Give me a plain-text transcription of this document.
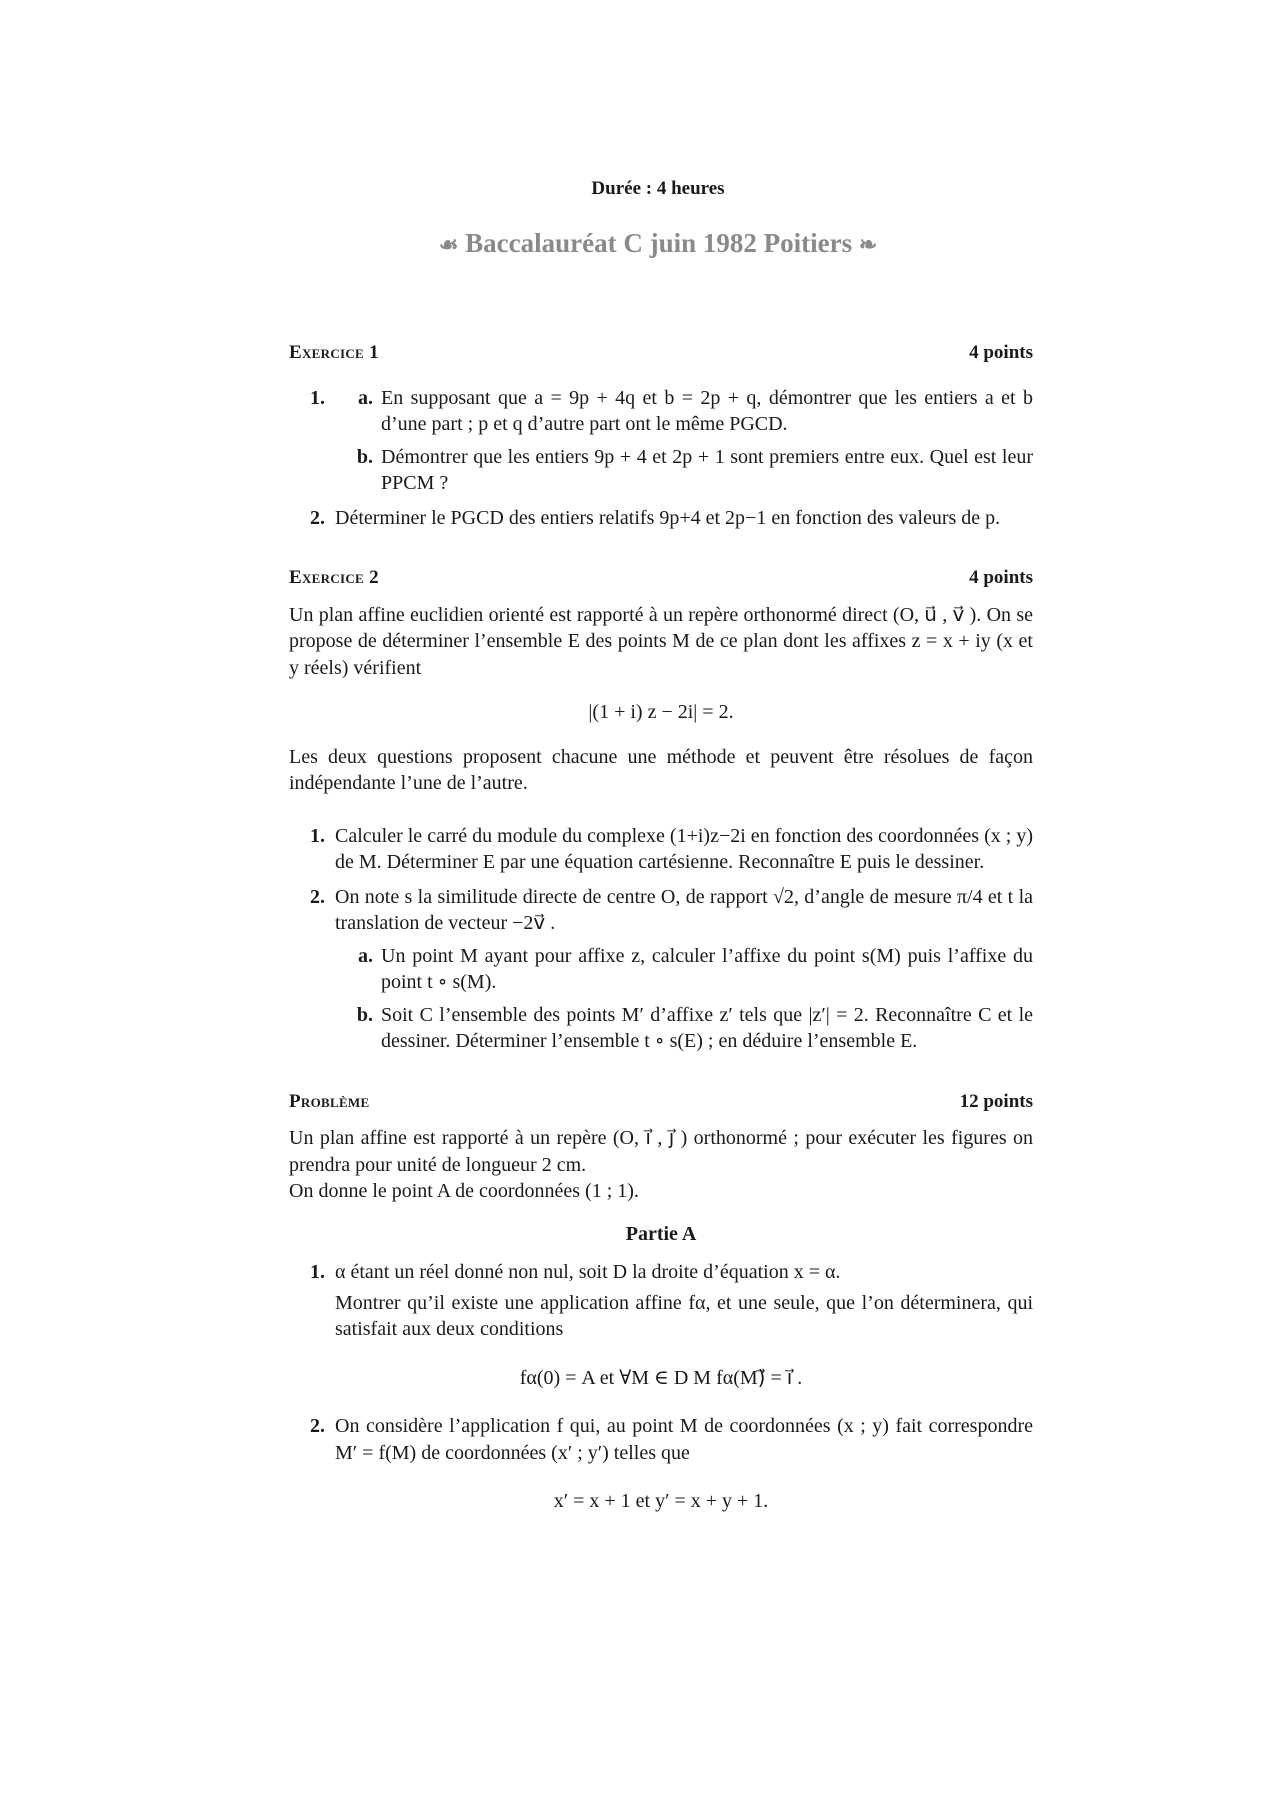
Durée : 4 heures
☙ Baccalauréat C juin 1982 Poitiers ❧
Exercice 1	4 points
1.	a. En supposant que a = 9p + 4q et b = 2p + q, démontrer que les entiers a et b d’une part ; p et q d’autre part ont le même PGCD.
b. Démontrer que les entiers 9p + 4 et 2p + 1 sont premiers entre eux. Quel est leur PPCM ?
2. Déterminer le PGCD des entiers relatifs 9p+4 et 2p−1 en fonction des valeurs de p.
Exercice 2	4 points
Un plan affine euclidien orienté est rapporté à un repère orthonormé direct (O, u⃗ , v⃗ ). On se propose de déterminer l’ensemble E des points M de ce plan dont les affixes z = x + iy (x et y réels) vérifient
|(1 + i) z − 2i| = 2.
Les deux questions proposent chacune une méthode et peuvent être résolues de façon indépendante l’une de l’autre.
1. Calculer le carré du module du complexe (1+i)z−2i en fonction des coordonnées (x ; y) de M. Déterminer E par une équation cartésienne. Reconnaître E puis le dessiner.
2. On note s la similitude directe de centre O, de rapport √2, d’angle de mesure π/4 et t la translation de vecteur −2v⃗ .
a. Un point M ayant pour affixe z, calculer l’affixe du point s(M) puis l’affixe du point t ∘ s(M).
b. Soit C l’ensemble des points M′ d’affixe z′ tels que |z′| = 2. Reconnaître C et le dessiner. Déterminer l’ensemble t ∘ s(E) ; en déduire l’ensemble E.
Problème	12 points
Un plan affine est rapporté à un repère (O, ı⃗ , ȷ⃗ ) orthonormé ; pour exécuter les figures on prendra pour unité de longueur 2 cm.
On donne le point A de coordonnées (1 ; 1).
Partie A
1. α étant un réel donné non nul, soit D la droite d’équation x = α.
Montrer qu’il existe une application affine fα, et une seule, que l’on déterminera, qui satisfait aux deux conditions
fα(0) = A et ∀M ∈ D M fα(M)⃗ = ı⃗ .
2. On considère l’application f qui, au point M de coordonnées (x ; y) fait correspondre M′ = f(M) de coordonnées (x′ ; y′) telles que
x′ = x + 1 et y′ = x + y + 1.
